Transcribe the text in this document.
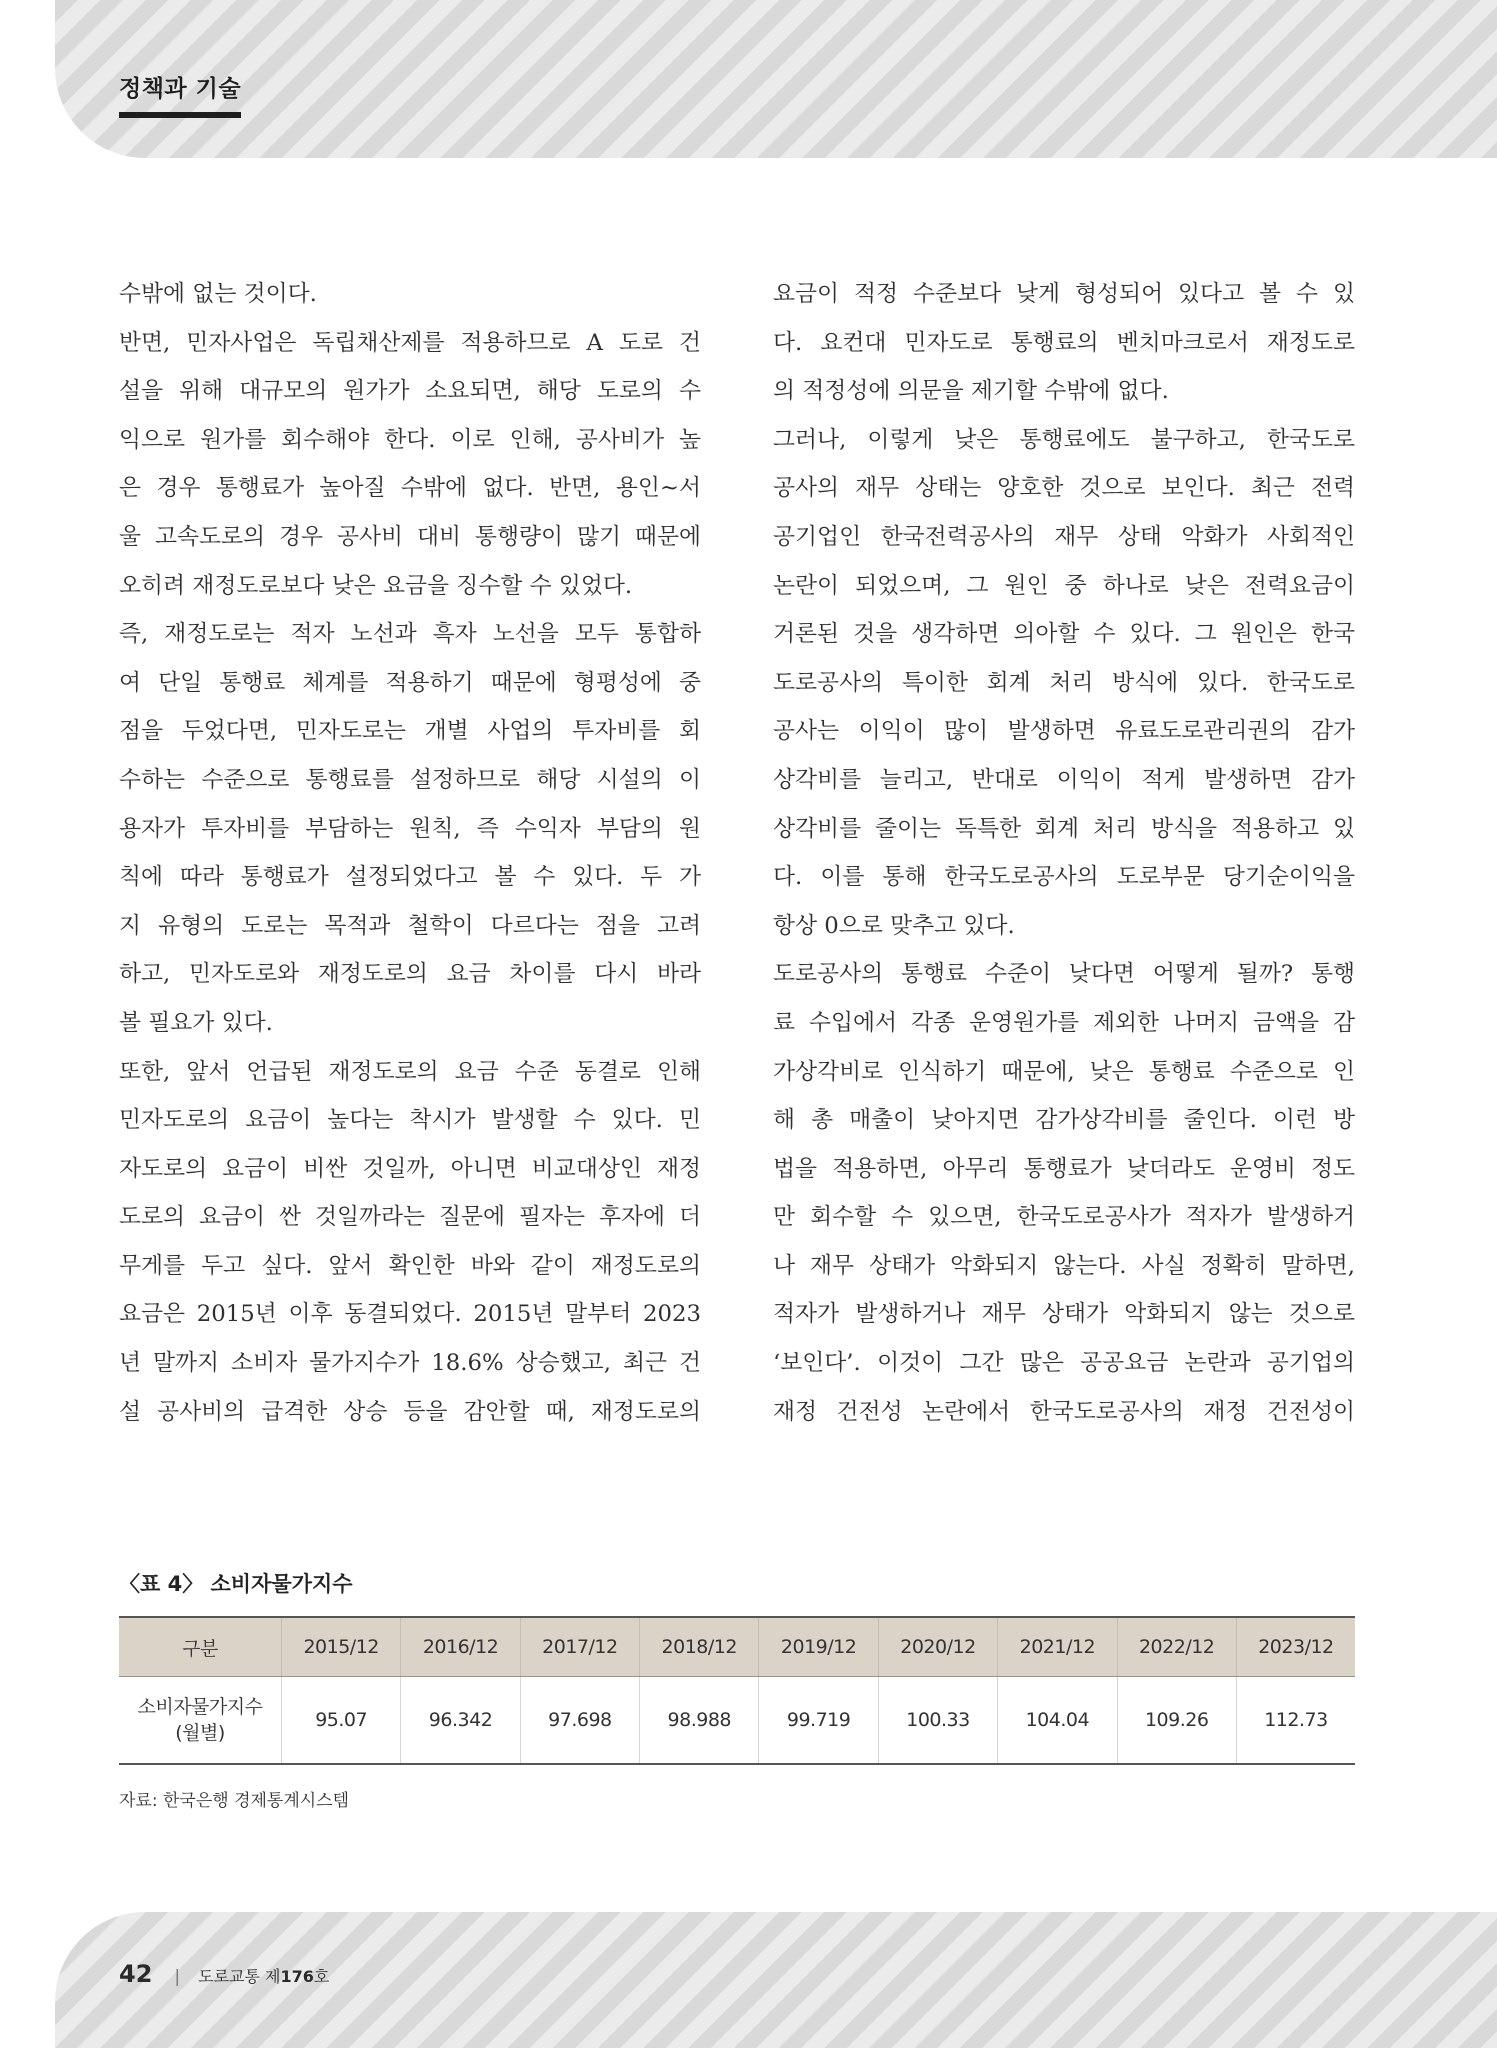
정책과 기술
수밖에 없는 것이다.
반면, 민자사업은 독립채산제를 적용하므로 A 도로 건
설을 위해 대규모의 원가가 소요되면, 해당 도로의 수
익으로 원가를 회수해야 한다. 이로 인해, 공사비가 높
은 경우 통행료가 높아질 수밖에 없다. 반면, 용인~서
울 고속도로의 경우 공사비 대비 통행량이 많기 때문에
오히려 재정도로보다 낮은 요금을 징수할 수 있었다.
즉, 재정도로는 적자 노선과 흑자 노선을 모두 통합하
여 단일 통행료 체계를 적용하기 때문에 형평성에 중
점을 두었다면, 민자도로는 개별 사업의 투자비를 회
수하는 수준으로 통행료를 설정하므로 해당 시설의 이
용자가 투자비를 부담하는 원칙, 즉 수익자 부담의 원
칙에 따라 통행료가 설정되었다고 볼 수 있다. 두 가
지 유형의 도로는 목적과 철학이 다르다는 점을 고려
하고, 민자도로와 재정도로의 요금 차이를 다시 바라
볼 필요가 있다.
또한, 앞서 언급된 재정도로의 요금 수준 동결로 인해
민자도로의 요금이 높다는 착시가 발생할 수 있다. 민
자도로의 요금이 비싼 것일까, 아니면 비교대상인 재정
도로의 요금이 싼 것일까라는 질문에 필자는 후자에 더
무게를 두고 싶다. 앞서 확인한 바와 같이 재정도로의
요금은 2015년 이후 동결되었다. 2015년 말부터 2023
년 말까지 소비자 물가지수가 18.6% 상승했고, 최근 건
설 공사비의 급격한 상승 등을 감안할 때, 재정도로의
요금이 적정 수준보다 낮게 형성되어 있다고 볼 수 있
다. 요컨대 민자도로 통행료의 벤치마크로서 재정도로
의 적정성에 의문을 제기할 수밖에 없다.
그러나, 이렇게 낮은 통행료에도 불구하고, 한국도로
공사의 재무 상태는 양호한 것으로 보인다. 최근 전력
공기업인 한국전력공사의 재무 상태 악화가 사회적인
논란이 되었으며, 그 원인 중 하나로 낮은 전력요금이
거론된 것을 생각하면 의아할 수 있다. 그 원인은 한국
도로공사의 특이한 회계 처리 방식에 있다. 한국도로
공사는 이익이 많이 발생하면 유료도로관리권의 감가
상각비를 늘리고, 반대로 이익이 적게 발생하면 감가
상각비를 줄이는 독특한 회계 처리 방식을 적용하고 있
다. 이를 통해 한국도로공사의 도로부문 당기순이익을
항상 0으로 맞추고 있다.
도로공사의 통행료 수준이 낮다면 어떻게 될까? 통행
료 수입에서 각종 운영원가를 제외한 나머지 금액을 감
가상각비로 인식하기 때문에, 낮은 통행료 수준으로 인
해 총 매출이 낮아지면 감가상각비를 줄인다. 이런 방
법을 적용하면, 아무리 통행료가 낮더라도 운영비 정도
만 회수할 수 있으면, 한국도로공사가 적자가 발생하거
나 재무 상태가 악화되지 않는다. 사실 정확히 말하면,
적자가 발생하거나 재무 상태가 악화되지 않는 것으로
‘보인다’. 이것이 그간 많은 공공요금 논란과 공기업의
재정 건전성 논란에서 한국도로공사의 재정 건전성이
〈표 4〉 소비자물가지수
구분	2015/12	2016/12	2017/12	2018/12	2019/12	2020/12	2021/12	2022/12	2023/12
소비자물가지수
(월별)	95.07	96.342	97.698	98.988	99.719	100.33	104.04	109.26	112.73
자료: 한국은행 경제통계시스템
42 | 도로교통 제 176 호
